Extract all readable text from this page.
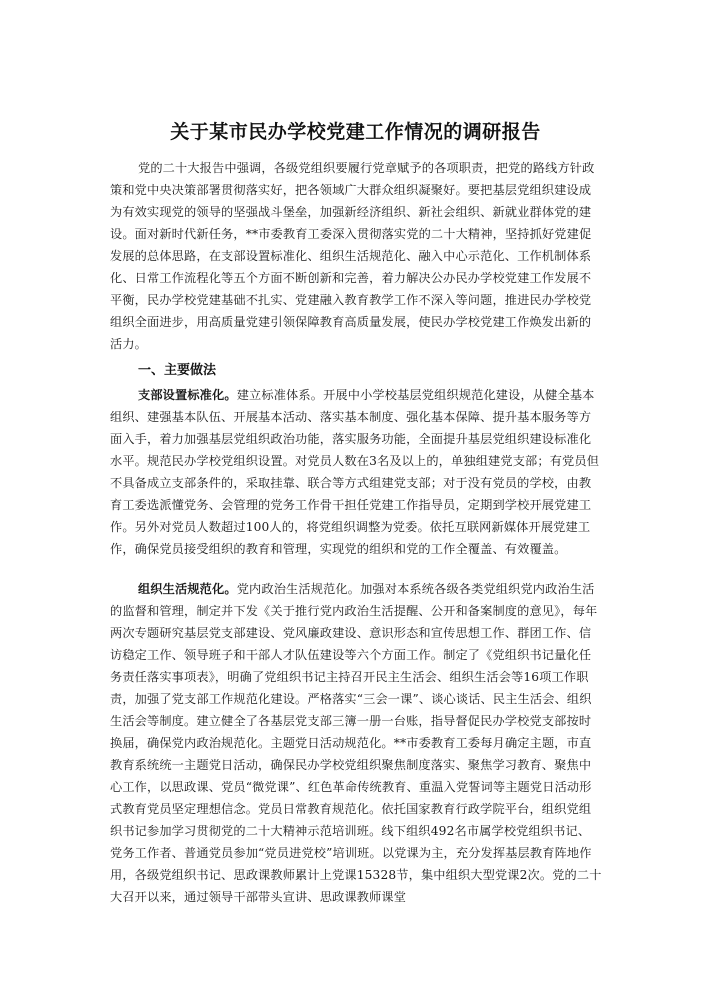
关于某市民办学校党建工作情况的调研报告

党的二十大报告中强调，各级党组织要履行党章赋予的各项职责，把党的路线方针政策和党中央决策部署贯彻落实好，把各领域广大群众组织凝聚好。要把基层党组织建设成为有效实现党的领导的坚强战斗堡垒，加强新经济组织、新社会组织、新就业群体党的建设。面对新时代新任务，**市委教育工委深入贯彻落实党的二十大精神，坚持抓好党建促发展的总体思路，在支部设置标准化、组织生活规范化、融入中心示范化、工作机制体系化、日常工作流程化等五个方面不断创新和完善，着力解决公办民办学校党建工作发展不平衡，民办学校党建基础不扎实、党建融入教育教学工作不深入等问题，推进民办学校党组织全面进步，用高质量党建引领保障教育高质量发展，使民办学校党建工作焕发出新的活力。

一、主要做法

支部设置标准化。建立标准体系。开展中小学校基层党组织规范化建设，从健全基本组织、建强基本队伍、开展基本活动、落实基本制度、强化基本保障、提升基本服务等方面入手，着力加强基层党组织政治功能，落实服务功能，全面提升基层党组织建设标准化水平。规范民办学校党组织设置。对党员人数在3名及以上的，单独组建党支部；有党员但不具备成立支部条件的，采取挂靠、联合等方式组建党支部；对于没有党员的学校，由教育工委选派懂党务、会管理的党务工作骨干担任党建工作指导员，定期到学校开展党建工作。另外对党员人数超过100人的，将党组织调整为党委。依托互联网新媒体开展党建工作，确保党员接受组织的教育和管理，实现党的组织和党的工作全覆盖、有效覆盖。

组织生活规范化。党内政治生活规范化。加强对本系统各级各类党组织党内政治生活的监督和管理，制定并下发《关于推行党内政治生活提醒、公开和备案制度的意见》，每年两次专题研究基层党支部建设、党风廉政建设、意识形态和宣传思想工作、群团工作、信访稳定工作、领导班子和干部人才队伍建设等六个方面工作。制定了《党组织书记量化任务责任落实事项表》，明确了党组织书记主持召开民主生活会、组织生活会等16项工作职责，加强了党支部工作规范化建设。严格落实“三会一课”、谈心谈话、民主生活会、组织生活会等制度。建立健全了各基层党支部三簿一册一台账，指导督促民办学校党支部按时换届，确保党内政治规范化。主题党日活动规范化。**市委教育工委每月确定主题，市直教育系统统一主题党日活动，确保民办学校党组织聚焦制度落实、聚焦学习教育、聚焦中心工作，以思政课、党员“微党课”、红色革命传统教育、重温入党誓词等主题党日活动形式教育党员坚定理想信念。党员日常教育规范化。依托国家教育行政学院平台，组织党组织书记参加学习贯彻党的二十大精神示范培训班。线下组织492名市属学校党组织书记、党务工作者、普通党员参加“党员进党校”培训班。以党课为主，充分发挥基层教育阵地作用，各级党组织书记、思政课教师累计上党课15328节，集中组织大型党课2次。党的二十大召开以来，通过领导干部带头宣讲、思政课教师课堂
